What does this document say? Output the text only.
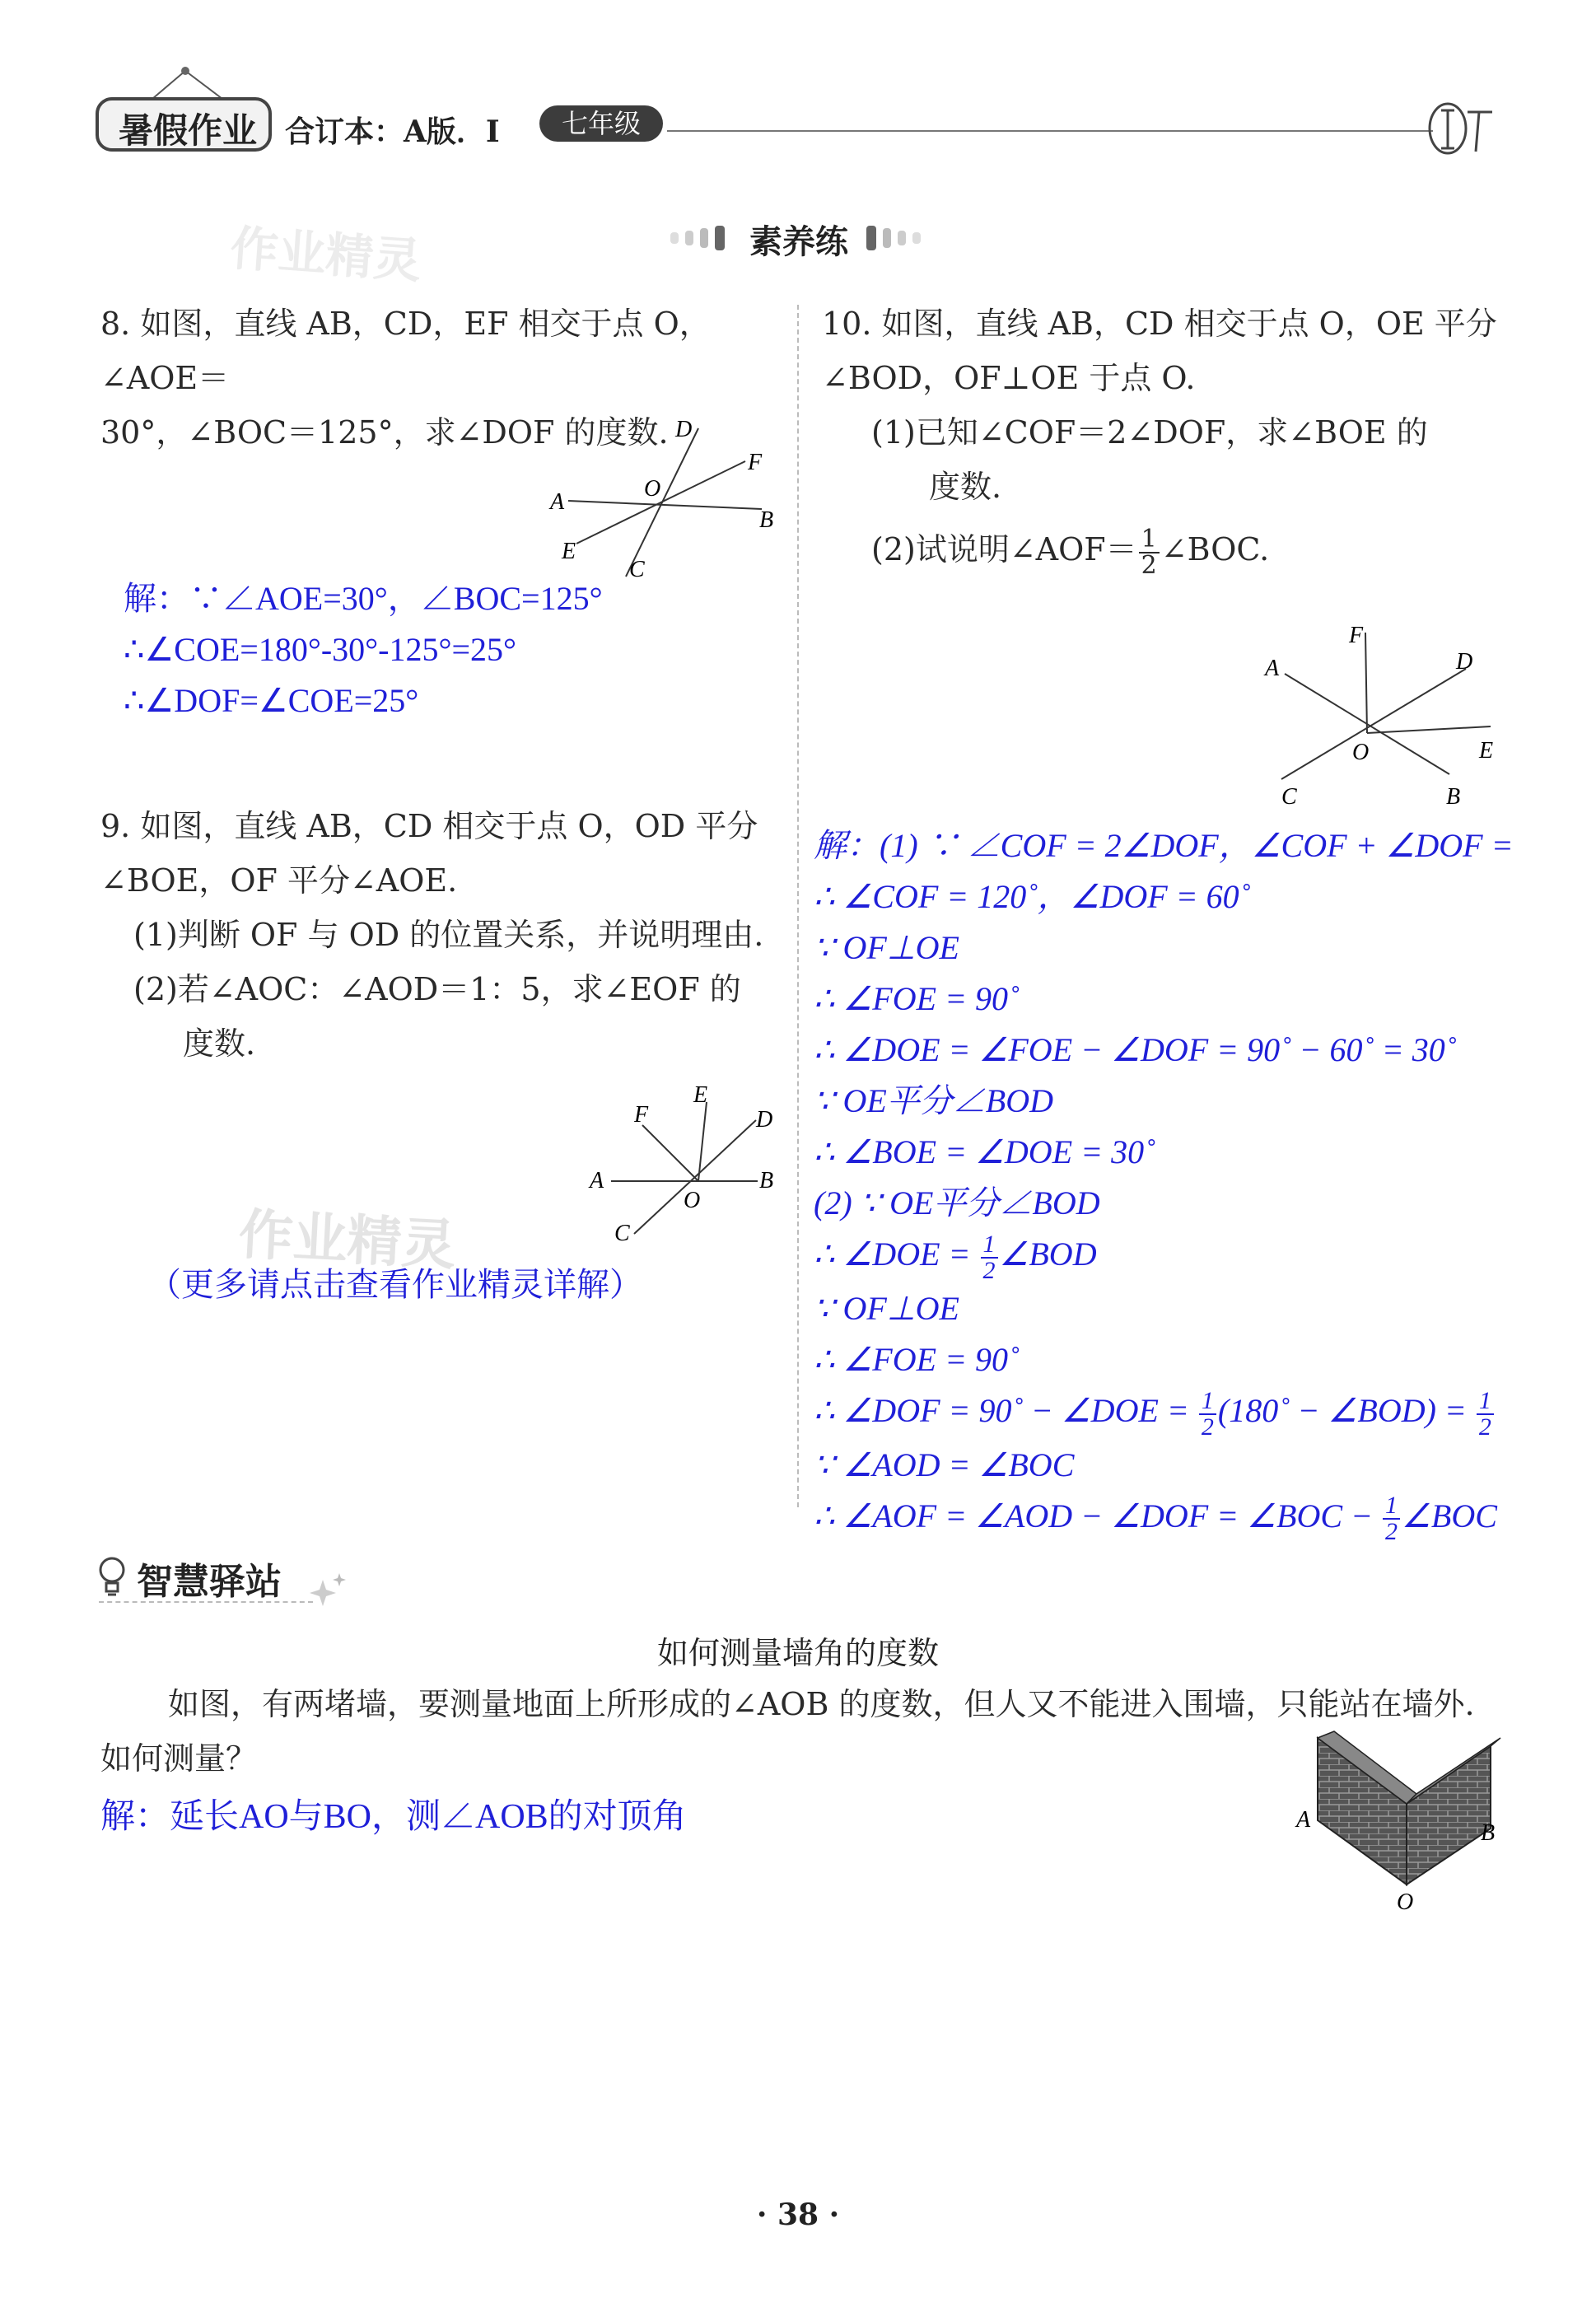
暑假作业 合订本：A版．I	七年级
素养练
作业精灵
8. 如图，直线 AB，CD，EF 相交于点 O，∠AOE＝
30°，∠BOC＝125°，求∠DOF 的度数. D
F
A
O
B
E
C
解：∵∠AOE=30°，∠BOC=125°
∴∠COE=180°-30°-125°=25°
∴∠DOF=∠COE=25°
9. 如图，直线 AB，CD 相交于点 O，OD 平分
∠BOE，OF 平分∠AOE.
(1)判断 OF 与 OD 的位置关系，并说明理由.
(2)若∠AOC：∠AOD＝1：5，求∠EOF 的
度数.
E
F	D
A	B
O
C
作业精灵
（更多请点击查看作业精灵详解）
10. 如图，直线 AB，CD 相交于点 O，OE 平分
∠BOD，OF⊥OE 于点 O.
(1)已知∠COF＝2∠DOF，求∠BOE 的
度数.
(2)试说明∠AOF＝ $\frac{1}{2}$ ∠BOC.
F
A	D
O	E
C	B
解：(1) ∵ ∠COF = 2∠DOF，∠COF + ∠DOF =
∴ ∠COF = 120˚，∠DOF = 60˚
∵ OF⊥OE
∴ ∠FOE = 90˚
∴ ∠DOE = ∠FOE − ∠DOF = 90˚ − 60˚ = 30˚
∵ OE平分∠BOD
∴ ∠BOE = ∠DOE = 30˚
(2) ∵ OE平分∠BOD
∴ ∠DOE = $\frac{1}{2}$ ∠BOD
∵ OF⊥OE
∴ ∠FOE = 90˚
∴ ∠DOF = 90˚ − ∠DOE = $\frac{1}{2}$ (180˚ − ∠BOD) = $\frac{1}{2}$
∵ ∠AOD = ∠BOC
∴ ∠AOF = ∠AOD − ∠DOF = ∠BOC − $\frac{1}{2}$ ∠BOC
智慧驿站
如何测量墙角的度数
如图，有两堵墙，要测量地面上所形成的∠AOB 的度数，但人又不能进入围墙，只能站在墙外.
如何测量？
解：延长AO与BO，测∠AOB的对顶角	A
B
O
· 38 ·
